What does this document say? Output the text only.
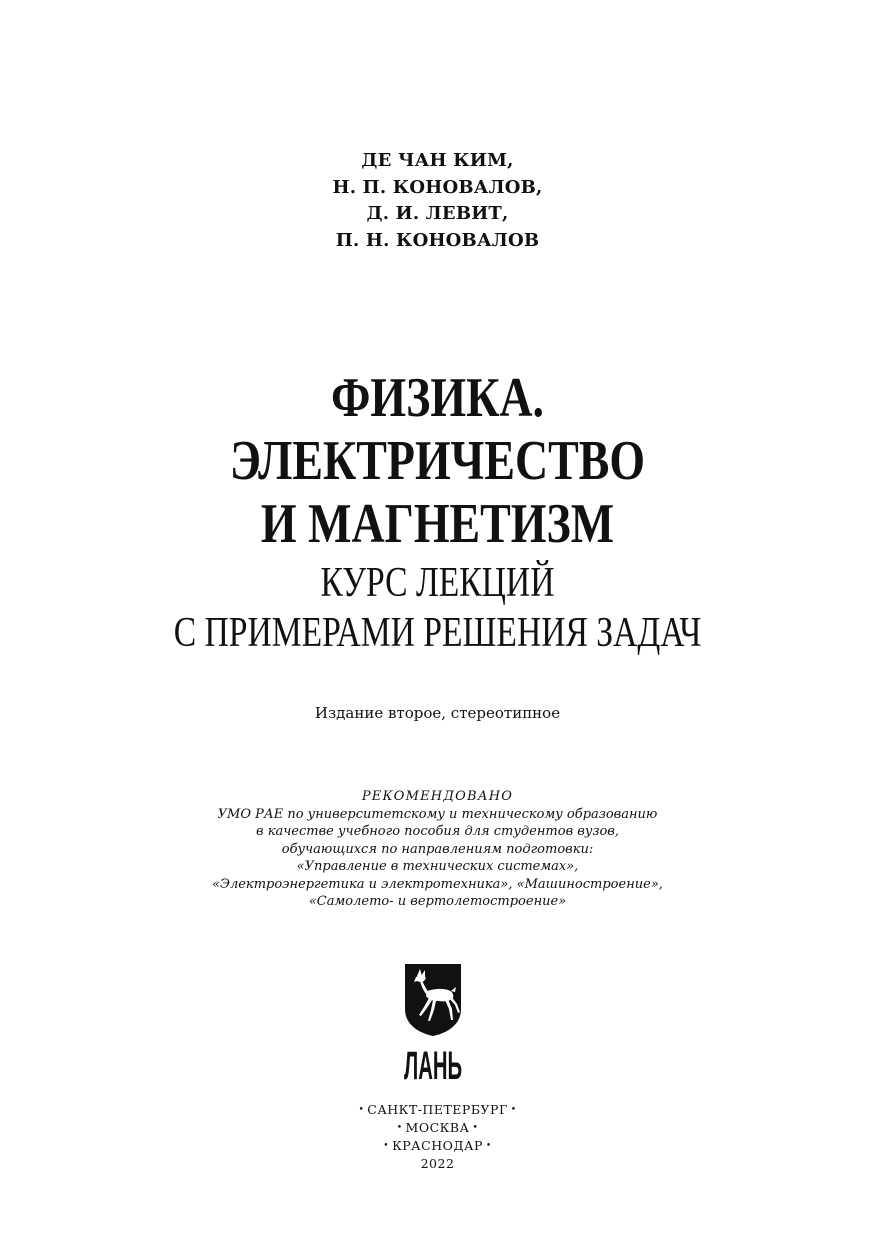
ДЕ ЧАН КИМ,
Н. П. КОНОВАЛОВ,
Д. И. ЛЕВИТ,
П. Н. КОНОВАЛОВ
ФИЗИКА.
ЭЛЕКТРИЧЕСТВО
И МАГНЕТИЗМ
КУРС ЛЕКЦИЙ
С ПРИМЕРАМИ РЕШЕНИЯ ЗАДАЧ
Издание второе, стереотипное
РЕКОМЕНДОВАНО
УМО РАЕ по университетскому и техническому образованию
в качестве учебного пособия для студентов вузов,
обучающихся по направлениям подготовки:
«Управление в технических системах»,
«Электроэнергетика и электротехника», «Машиностроение»,
«Самолето- и вертолетостроение»
ЛАНЬ
• САНКТ-ПЕТЕРБУРГ •
• МОСКВА •
• КРАСНОДАР •
2022
